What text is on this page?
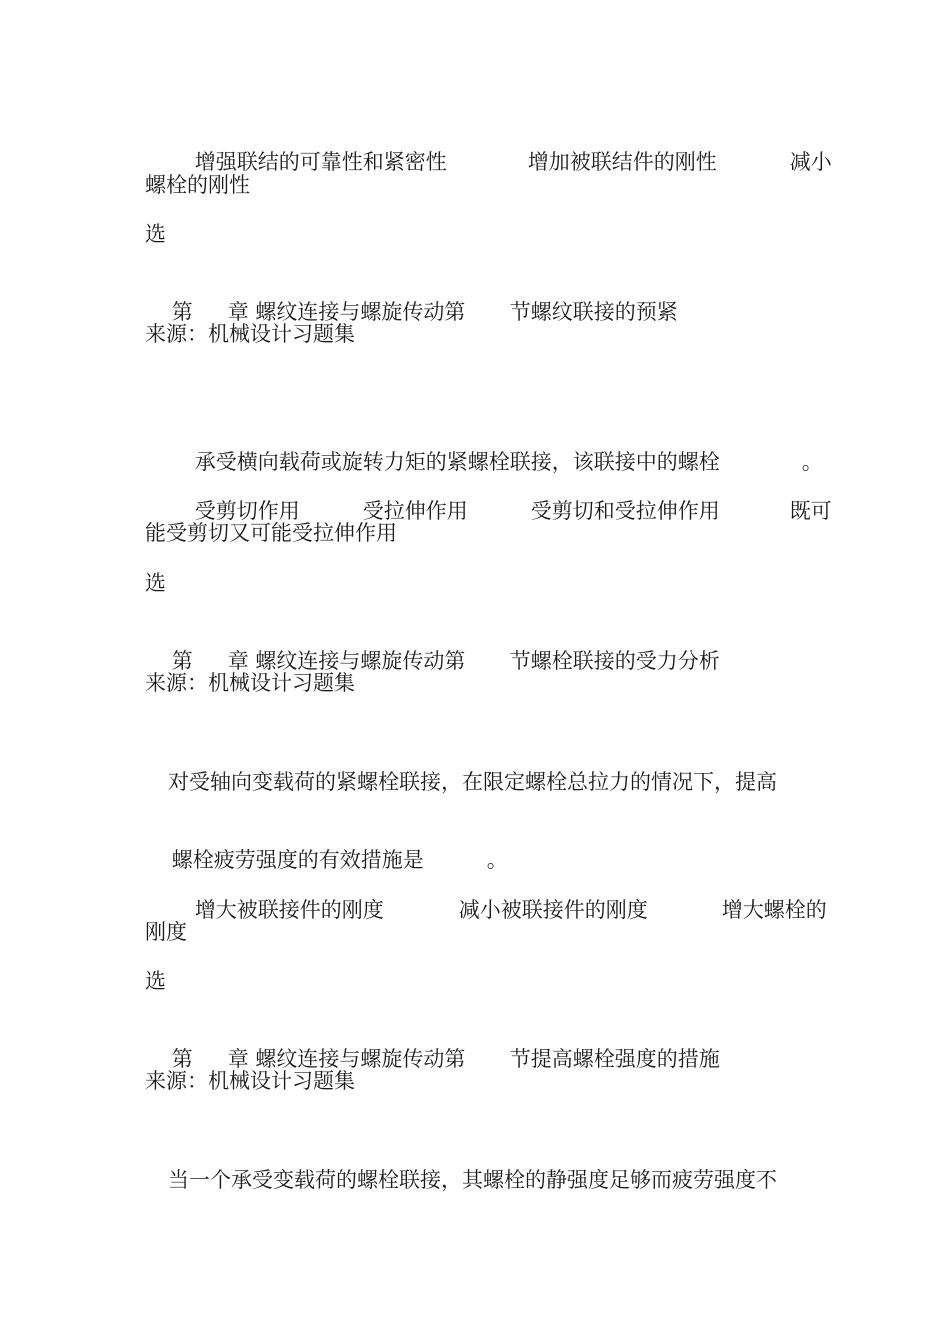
增强联结的可靠性和紧密性	增加被联结件的刚性	减小

螺栓的刚性
选

第 章 螺纹连接与螺旋传动第 节螺纹联接的预紧

来源：机械设计习题集

承受横向载荷或旋转力矩的紧螺栓联接，该联接中的螺栓	。

受剪切作用	受拉伸作用	受剪切和受拉伸作用	既可

能受剪切又可能受拉伸作用
选

第 章 螺纹连接与螺旋传动第 节螺栓联接的受力分析

来源：机械设计习题集
对受轴向变载荷的紧螺栓联接，在限定螺栓总拉力的情况下，提高

螺栓疲劳强度的有效措施是	。

增大被联接件的刚度	减小被联接件的刚度	增大螺栓的

刚度
选

第 章 螺纹连接与螺旋传动第 节提高螺栓强度的措施

来源：机械设计习题集
当一个承受变载荷的螺栓联接，其螺栓的静强度足够而疲劳强度不
